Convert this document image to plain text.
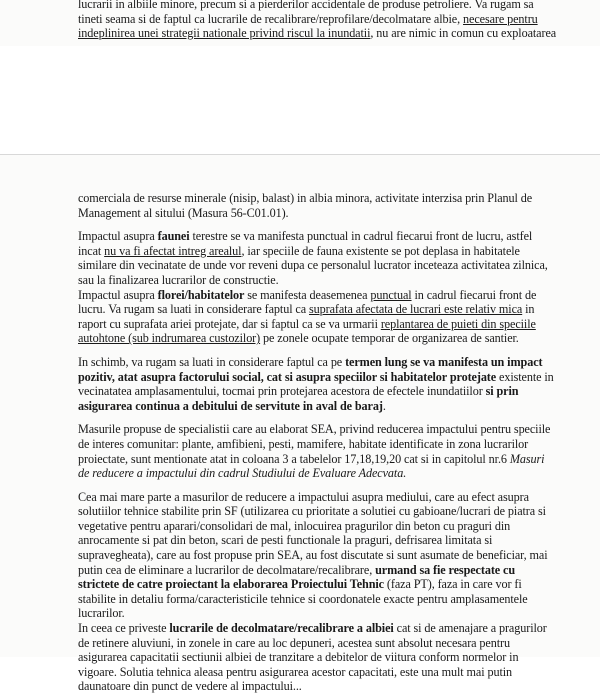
lucrarii in albiile minore, precum si a pierderilor accidentale de produse petroliere. Va rugam sa
tineti seama si de faptul ca lucrarile de recalibrare/reprofilare/decolmatare albie, necesare pentru
indeplinirea unei strategii nationale privind riscul la inundatii, nu are nimic in comun cu exploatarea
comerciala de resurse minerale (nisip, balast) in albia minora, activitate interzisa prin Planul de
Management al sitului (Masura 56-C01.01).
Impactul asupra faunei terestre se va manifesta punctual in cadrul fiecarui front de lucru, astfel
incat nu va fi afectat intreg arealul, iar speciile de fauna existente se pot deplasa in habitatele
similare din vecinatate de unde vor reveni dupa ce personalul lucrator inceteaza activitatea zilnica,
sau la finalizarea lucrarilor de constructie.
Impactul asupra florei/habitatelor se manifesta deasemenea punctual in cadrul fiecarui front de
lucru. Va rugam sa luati in considerare faptul ca suprafata afectata de lucrari este relativ mica in
raport cu suprafata ariei protejate, dar si faptul ca se va urmarii replantarea de puieti din speciile
autohtone (sub indrumarea custozilor) pe zonele ocupate temporar de organizarea de santier.
In schimb, va rugam sa luati in considerare faptul ca pe termen lung se va manifesta un impact
pozitiv, atat asupra factorului social, cat si asupra speciilor si habitatelor protejate existente in
vecinatatea amplasamentului, tocmai prin protejarea acestora de efectele inundatiilor si prin
asigurarea continua a debitului de servitute in aval de baraj.
Masurile propuse de specialistii care au elaborat SEA, privind reducerea impactului pentru speciile
de interes comunitar: plante, amfibieni, pesti, mamifere, habitate identificate in zona lucrarilor
proiectate, sunt mentionate atat in coloana 3 a tabelelor 17,18,19,20 cat si in capitolul nr.6 Masuri
de reducere a impactului din cadrul Studiului de Evaluare Adecvata.
Cea mai mare parte a masurilor de reducere a impactului asupra mediului, care au efect asupra
solutiilor tehnice stabilite prin SF (utilizarea cu prioritate a solutiei cu gabioane/lucrari de piatra si
vegetative pentru aparari/consolidari de mal, inlocuirea pragurilor din beton cu praguri din
anrocamente si pat din beton, scari de pesti functionale la praguri, defrisarea limitata si
supravegheata), care au fost propuse prin SEA, au fost discutate si sunt asumate de beneficiar, mai
putin cea de eliminare a lucrarilor de decolmatare/recalibrare, urmand sa fie respectate cu
strictete de catre proiectant la elaborarea Proiectului Tehnic (faza PT), faza in care vor fi
stabilite in detaliu forma/caracteristicile tehnice si coordonatele exacte pentru amplasamentele
lucrarilor.
In ceea ce priveste lucrarile de decolmatare/recalibrare a albiei cat si de amenajare a pragurilor
de retinere aluviuni, in zonele in care au loc depuneri, acestea sunt absolut necesara pentru
asigurarea capacitatii sectiunii albiei de tranzitare a debitelor de viitura conform normelor in
vigoare. Solutia tehnica aleasa pentru asigurarea acestor capacitati, este una mult mai putin
daunatoare din punct de vedere al impactului...
